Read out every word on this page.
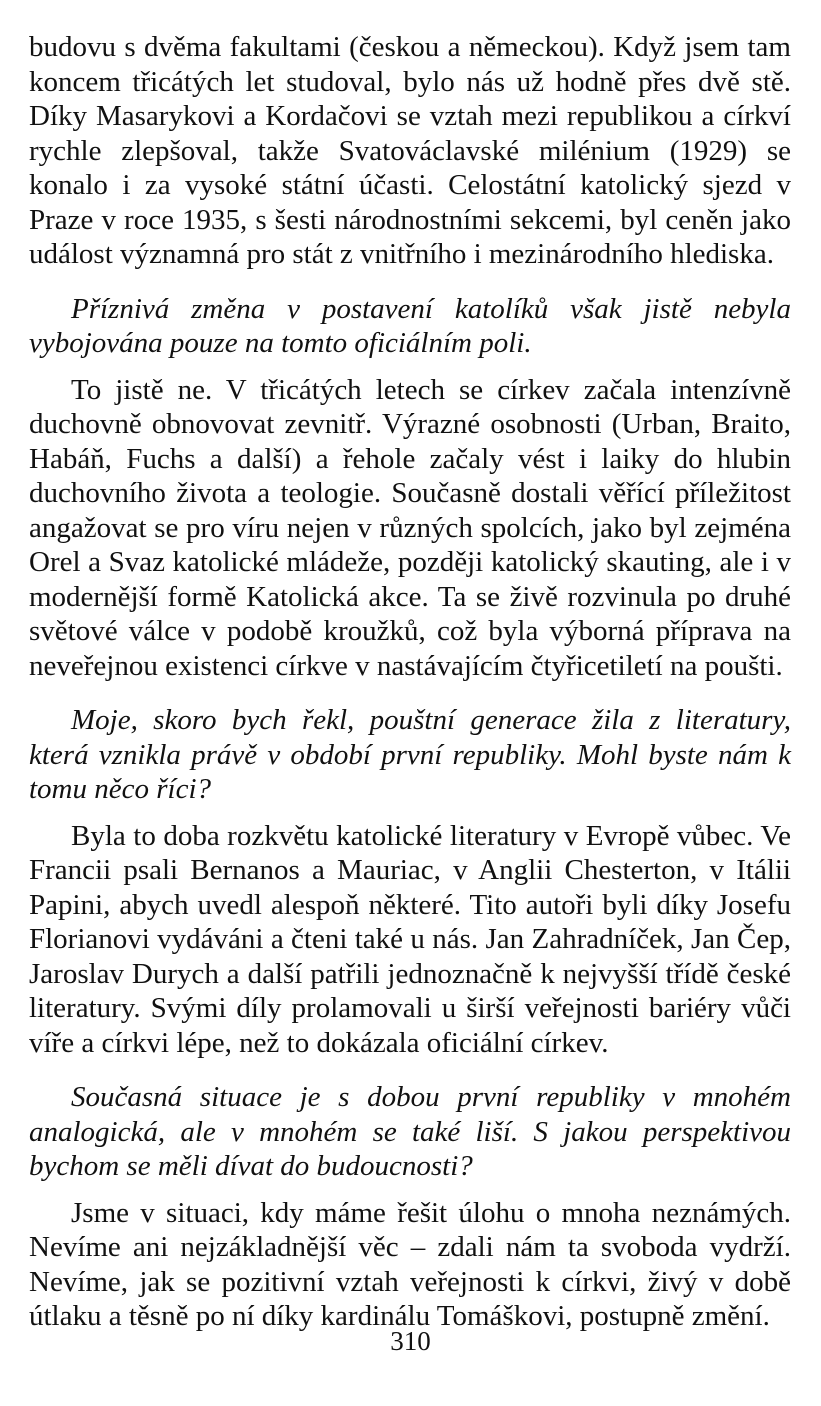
budovu s dvěma fakultami (českou a německou). Když jsem tam koncem třicátých let studoval, bylo nás už hodně přes dvě stě. Díky Masarykovi a Kordačovi se vztah mezi republikou a církví rychle zlepšoval, takže Svatováclavské milénium (1929) se konalo i za vysoké státní účasti. Celostátní katolický sjezd v Praze v roce 1935, s šesti národnostními sekcemi, byl ceněn jako událost významná pro stát z vnitřního i mezinárodního hlediska.

Příznivá změna v postavení katolíků však jistě nebyla vybojována pouze na tomto oficiálním poli.

To jistě ne. V třicátých letech se církev začala intenzívně duchovně obnovovat zevnitř. Výrazné osobnosti (Urban, Braito, Habáň, Fuchs a další) a řehole začaly vést i laiky do hlubin duchovního života a teologie. Současně dostali věřící příležitost angažovat se pro víru nejen v různých spolcích, jako byl zejména Orel a Svaz katolické mládeže, později katolický skauting, ale i v modernější formě Katolická akce. Ta se živě rozvinula po druhé světové válce v podobě kroužků, což byla výborná příprava na neveřejnou existenci církve v nastávajícím čtyřicetiletí na poušti.

Moje, skoro bych řekl, pouštní generace žila z literatury, která vznikla právě v období první republiky. Mohl byste nám k tomu něco říci?

Byla to doba rozkvětu katolické literatury v Evropě vůbec. Ve Francii psali Bernanos a Mauriac, v Anglii Chesterton, v Itálii Papini, abych uvedl alespoň některé. Tito autoři byli díky Josefu Florianovi vydáváni a čteni také u nás. Jan Zahradníček, Jan Čep, Jaroslav Durych a další patřili jednoznačně k nejvyšší třídě české literatury. Svými díly prolamovali u širší veřejnosti bariéry vůči víře a církvi lépe, než to dokázala oficiální církev.

Současná situace je s dobou první republiky v mnohém analogická, ale v mnohém se také liší. S jakou perspektivou bychom se měli dívat do budoucnosti?

Jsme v situaci, kdy máme řešit úlohu o mnoha neznámých. Nevíme ani nejzákladnější věc – zdali nám ta svoboda vydrží. Nevíme, jak se pozitivní vztah veřejnosti k církvi, živý v době útlaku a těsně po ní díky kardinálu Tomáškovi, postupně změní.

310
